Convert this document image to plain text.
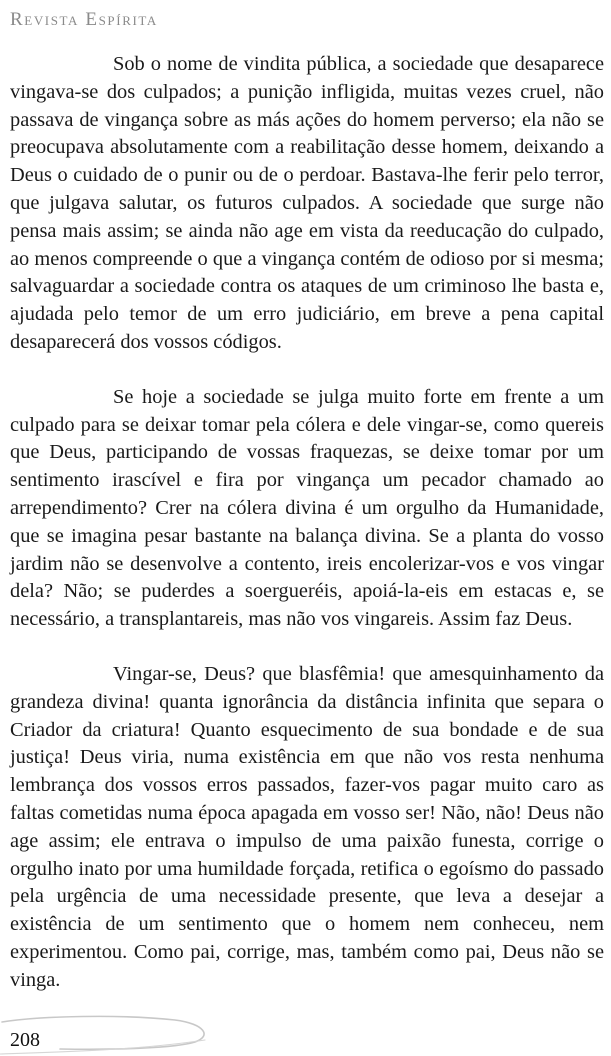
Revista Espírita

Sob o nome de vindita pública, a sociedade que desaparece vingava-se dos culpados; a punição infligida, muitas vezes cruel, não passava de vingança sobre as más ações do homem perverso; ela não se preocupava absolutamente com a reabilitação desse homem, deixando a Deus o cuidado de o punir ou de o perdoar. Bastava-lhe ferir pelo terror, que julgava salutar, os futuros culpados. A sociedade que surge não pensa mais assim; se ainda não age em vista da reeducação do culpado, ao menos compreende o que a vingança contém de odioso por si mesma; salvaguardar a sociedade contra os ataques de um criminoso lhe basta e, ajudada pelo temor de um erro judiciário, em breve a pena capital desaparecerá dos vossos códigos.

Se hoje a sociedade se julga muito forte em frente a um culpado para se deixar tomar pela cólera e dele vingar-se, como quereis que Deus, participando de vossas fraquezas, se deixe tomar por um sentimento irascível e fira por vingança um pecador chamado ao arrependimento? Crer na cólera divina é um orgulho da Humanidade, que se imagina pesar bastante na balança divina. Se a planta do vosso jardim não se desenvolve a contento, ireis encolerizar-vos e vos vingar dela? Não; se puderdes a soergueréis, apoiá-la-eis em estacas e, se necessário, a transplantareis, mas não vos vingareis. Assim faz Deus.

Vingar-se, Deus? que blasfêmia! que amesquinhamento da grandeza divina! quanta ignorância da distância infinita que separa o Criador da criatura! Quanto esquecimento de sua bondade e de sua justiça! Deus viria, numa existência em que não vos resta nenhuma lembrança dos vossos erros passados, fazer-vos pagar muito caro as faltas cometidas numa época apagada em vosso ser! Não, não! Deus não age assim; ele entrava o impulso de uma paixão funesta, corrige o orgulho inato por uma humildade forçada, retifica o egoísmo do passado pela urgência de uma necessidade presente, que leva a desejar a existência de um sentimento que o homem nem conheceu, nem experimentou. Como pai, corrige, mas, também como pai, Deus não se vinga.

208
